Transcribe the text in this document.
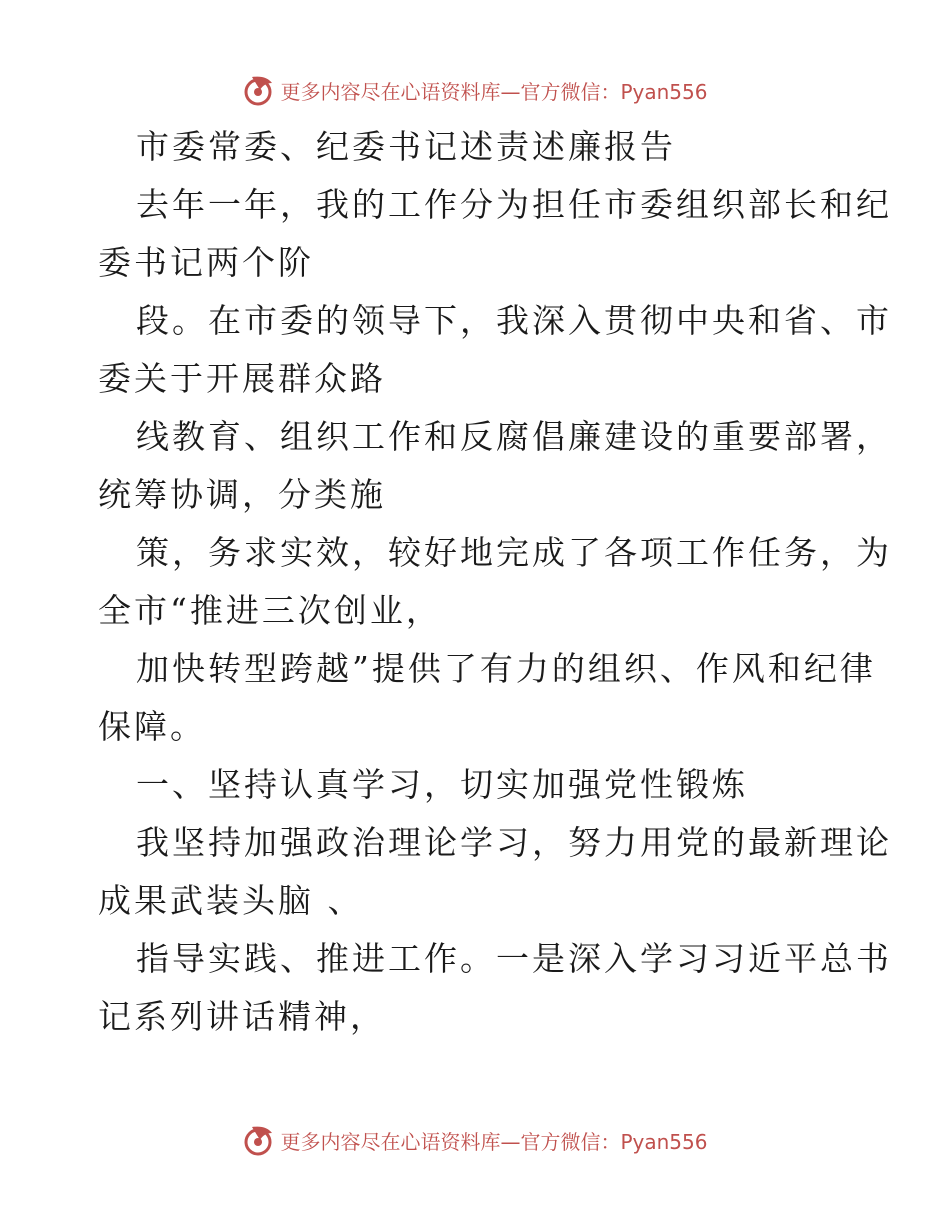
更多内容尽在心语资料库—官方微信：Pyan556
市委常委、纪委书记述责述廉报告
去年一年，我的工作分为担任市委组织部长和纪
委书记两个阶
段。在市委的领导下，我深入贯彻中央和省、市
委关于开展群众路
线教育、组织工作和反腐倡廉建设的重要部署，
统筹协调，分类施
策，务求实效，较好地完成了各项工作任务，为
全市“推进三次创业，
加快转型跨越”提供了有力的组织、作风和纪律
保障。
一、坚持认真学习，切实加强党性锻炼
我坚持加强政治理论学习，努力用党的最新理论
成果武装头脑 、
指导实践、推进工作。一是深入学习习近平总书
记系列讲话精神，
更多内容尽在心语资料库—官方微信：Pyan556
